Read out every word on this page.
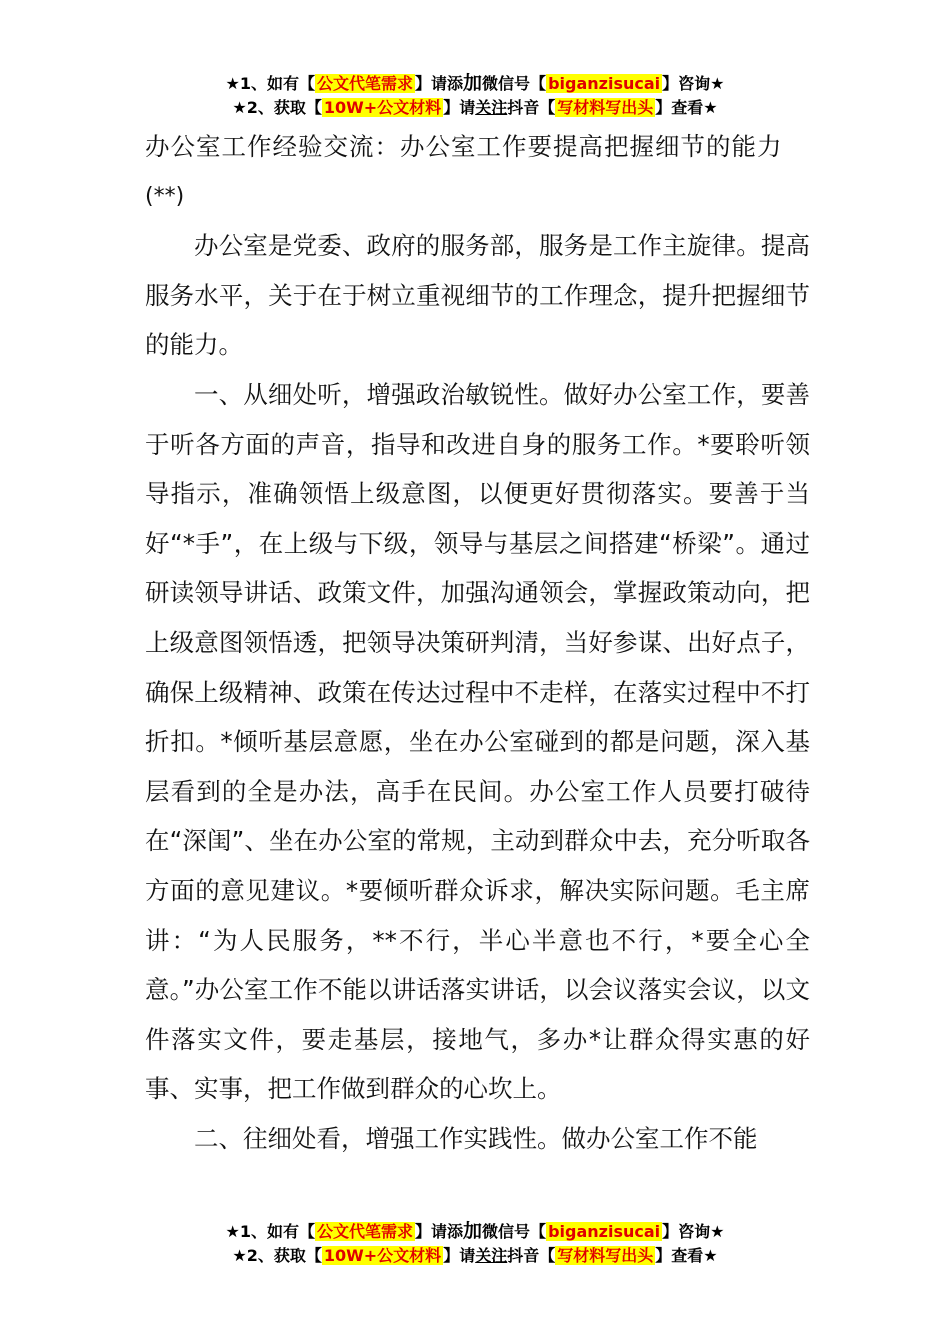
★1、如有【 公文代笔需求 】请添加微信号【 biganzisucai 】咨询★
★2、获取【 10W+公文材料 】请关注抖音【 写材料写出头 】查看★

办公室工作经验交流：办公室工作要提高把握细节的能力

(**)

办公室是党委、政府的服务部，服务是工作主旋律。提高服务水平，关于在于树立重视细节的工作理念，提升把握细节的能力。

一、从细处听，增强政治敏锐性。做好办公室工作，要善于听各方面的声音，指导和改进自身的服务工作。*要聆听领导指示，准确领悟上级意图，以便更好贯彻落实。要善于当好“*手”，在上级与下级，领导与基层之间搭建“桥梁”。通过研读领导讲话、政策文件，加强沟通领会，掌握政策动向，把上级意图领悟透，把领导决策研判清，当好参谋、出好点子，确保上级精神、政策在传达过程中不走样，在落实过程中不打折扣。*倾听基层意愿，坐在办公室碰到的都是问题，深入基层看到的全是办法，高手在民间。办公室工作人员要打破待在“深闺”、坐在办公室的常规，主动到群众中去，充分听取各方面的意见建议。*要倾听群众诉求，解决实际问题。毛主席讲：“为人民服务，**不行，半心半意也不行，*要全心全意。”办公室工作不能以讲话落实讲话，以会议落实会议，以文件落实文件，要走基层，接地气，多办*让群众得实惠的好事、实事，把工作做到群众的心坎上。

二、往细处看，增强工作实践性。做办公室工作不能

★1、如有【 公文代笔需求 】请添加微信号【 biganzisucai 】咨询★
★2、获取【 10W+公文材料 】请关注抖音【 写材料写出头 】查看★
